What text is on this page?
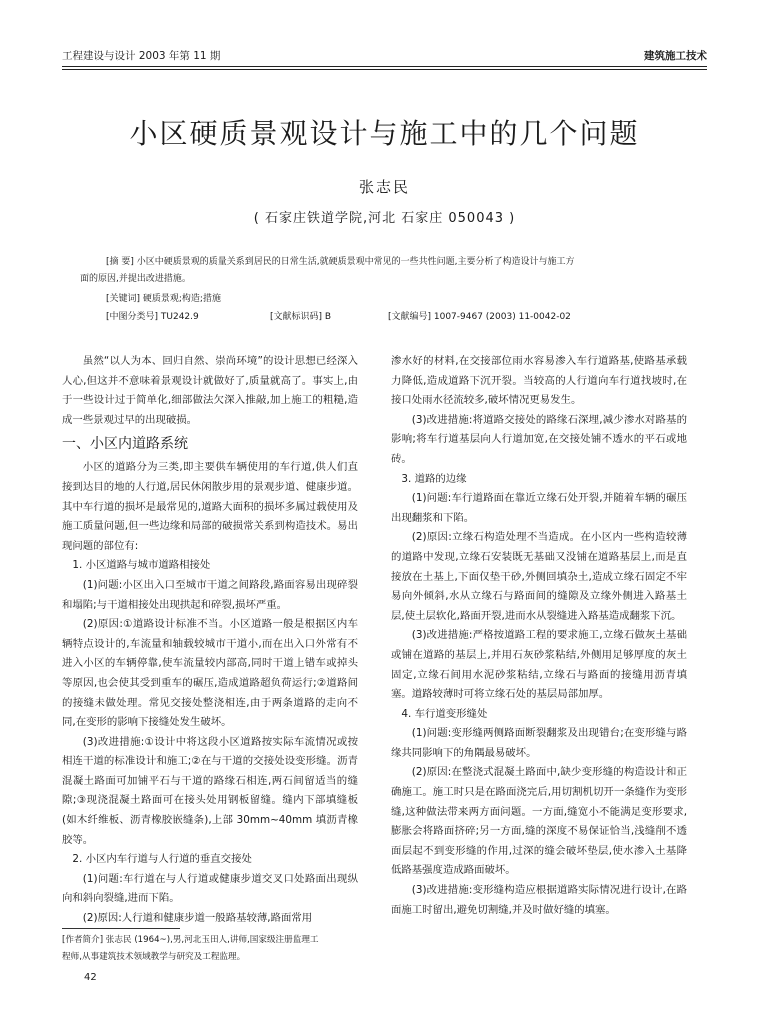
工程建设与设计 2003 年第 11 期	建筑施工技术
小区硬质景观设计与施工中的几个问题
张志民
( 石家庄铁道学院,河北 石家庄 050043 )
[摘 要] 小区中硬质景观的质量关系到居民的日常生活,就硬质景观中常见的一些共性问题,主要分析了构造设计与施工方
面的原因,并提出改进措施。
[关键词] 硬质景观;构造;措施
[中图分类号] TU242.9	[文献标识码] B	[文献编号] 1007-9467 (2003) 11-0042-02

虽然“以人为本、回归自然、崇尚环境”的设计思想已经深入人心,但这并不意味着景观设计就做好了,质量就高了。事实上,由于一些设计过于简单化,细部做法欠深入推敲,加上施工的粗糙,造成一些景观过早的出现破损。

一、小区内道路系统

小区的道路分为三类,即主要供车辆使用的车行道,供人们直接到达目的地的人行道,居民休闲散步用的景观步道、健康步道。其中车行道的损坏是最常见的,道路大面积的损坏多属过载使用及施工质量问题,但一些边缘和局部的破损常关系到构造技术。易出现问题的部位有:

1. 小区道路与城市道路相接处

(1)问题:小区出入口至城市干道之间路段,路面容易出现碎裂和塌陷;与干道相接处出现拱起和碎裂,损坏严重。

(2)原因:①道路设计标准不当。小区道路一般是根据区内车辆特点设计的,车流量和轴载较城市干道小,而在出入口外常有不进入小区的车辆停靠,使车流量较内部高,同时干道上错车或掉头等原因,也会使其受到重车的碾压,造成道路超负荷运行;②道路间的接缝未做处理。常见交接处整浇相连,由于两条道路的走向不同,在变形的影响下接缝处发生破坏。

(3)改进措施:①设计中将这段小区道路按实际车流情况或按相连干道的标准设计和施工;②在与干道的交接处设变形缝。沥青混凝土路面可加铺平石与干道的路缘石相连,两石间留适当的缝隙;③现浇混凝土路面可在接头处用钢板留缝。缝内下部填缝板(如木纤维板、沥青橡胶嵌缝条),上部 30mm~40mm 填沥青橡胶等。

2. 小区内车行道与人行道的垂直交接处

(1)问题:车行道在与人行道或健康步道交叉口处路面出现纵向和斜向裂缝,进而下陷。

(2)原因:人行道和健康步道一般路基较薄,路面常用

渗水好的材料,在交接部位雨水容易渗入车行道路基,使路基承载力降低,造成道路下沉开裂。当较高的人行道向车行道找坡时,在接口处雨水径流较多,破坏情况更易发生。

(3)改进措施:将道路交接处的路缘石深埋,减少渗水对路基的影响;将车行道基层向人行道加宽,在交接处铺不透水的平石或地砖。

3. 道路的边缘

(1)问题:车行道路面在靠近立缘石处开裂,并随着车辆的碾压出现翻浆和下陷。

(2)原因:立缘石构造处理不当造成。在小区内一些构造较薄的道路中发现,立缘石安装既无基础又没铺在道路基层上,而是直接放在土基上,下面仅垫干砂,外侧回填杂土,造成立缘石固定不牢易向外倾斜,水从立缘石与路面间的缝隙及立缘外侧进入路基土层,使土层软化,路面开裂,进而水从裂缝进入路基造成翻浆下沉。

(3)改进措施:严格按道路工程的要求施工,立缘石做灰土基础或铺在道路的基层上,并用石灰砂浆粘结,外侧用足够厚度的灰土固定,立缘石间用水泥砂浆粘结,立缘石与路面的接缝用沥青填塞。道路较薄时可将立缘石处的基层局部加厚。

4. 车行道变形缝处

(1)问题:变形缝两侧路面断裂翻浆及出现错台;在变形缝与路缘共同影响下的角隅最易破坏。

(2)原因:在整浇式混凝土路面中,缺少变形缝的构造设计和正确施工。施工时只是在路面浇完后,用切割机切开一条缝作为变形缝,这种做法带来两方面问题。一方面,缝宽小不能满足变形要求,膨胀会将路面挤碎;另一方面,缝的深度不易保证恰当,浅缝削不透面层起不到变形缝的作用,过深的缝会破坏垫层,使水渗入土基降低路基强度造成路面破坏。

(3)改进措施:变形缝构造应根据道路实际情况进行设计,在路面施工时留出,避免切割缝,并及时做好缝的填塞。

[作者简介] 张志民 (1964~),男,河北玉田人,讲师,国家级注册监理工
程师,从事建筑技术领域教学与研究及工程监理。
42
